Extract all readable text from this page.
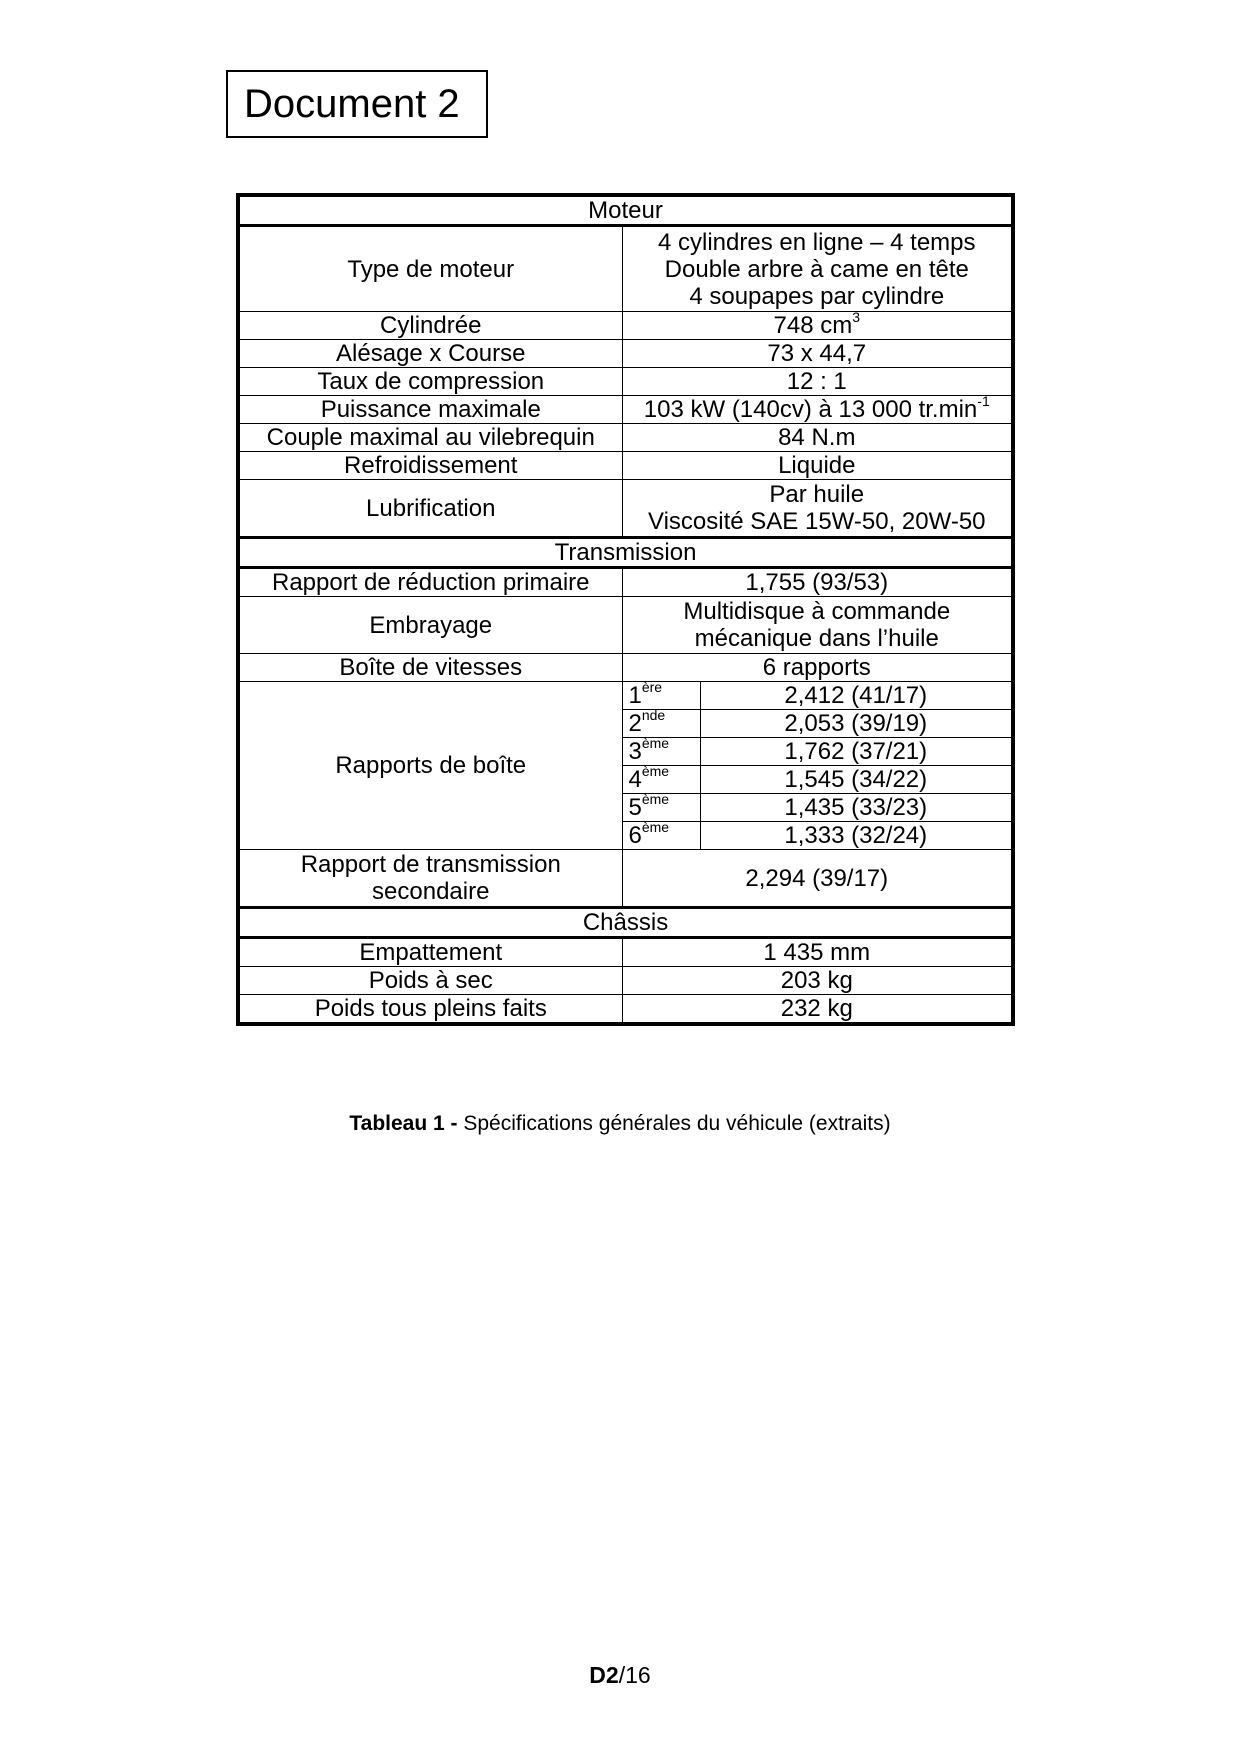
Document 2
Moteur		
Type de moteur	4 cylindres en ligne – 4 temps
Double arbre à came en tête
4 soupapes par cylindre	

Cylindrée	748 $cm^3$
Alésage x Course	73 x 44,7	
Taux de compression	12 : 1	
Puissance maximale	103 kW (140cv) à 13 000 $tr.\min^{-1}$
Couple maximal au vilebrequin	84 N.m	
Refroidissement	Liquide	
Lubrification	Par huile
Viscosité SAE 15W-50, 20W-50	

Transmission		
Rapport de réduction primaire	1,755 (93/53)	
Embrayage	Multidisque à commande
mécanique dans l’huile	

Boîte de vitesses	6 rapports	
Rapports de boîte	1ère	2,412 (41/17)
	2nde	2,053 (39/19)
	3ème	1,762 (37/21)
	4ème	1,545 (34/22)
	5ème	1,435 (33/23)
	6ème	1,333 (32/24)

Rapport de transmission
secondaire	2,294 (39/17)	
Châssis		
Empattement	1 435 mm	
Poids à sec	203 kg	
Poids tous pleins faits	232 kg	
Tableau 1 - Spécifications générales du véhicule (extraits)
D2/16
